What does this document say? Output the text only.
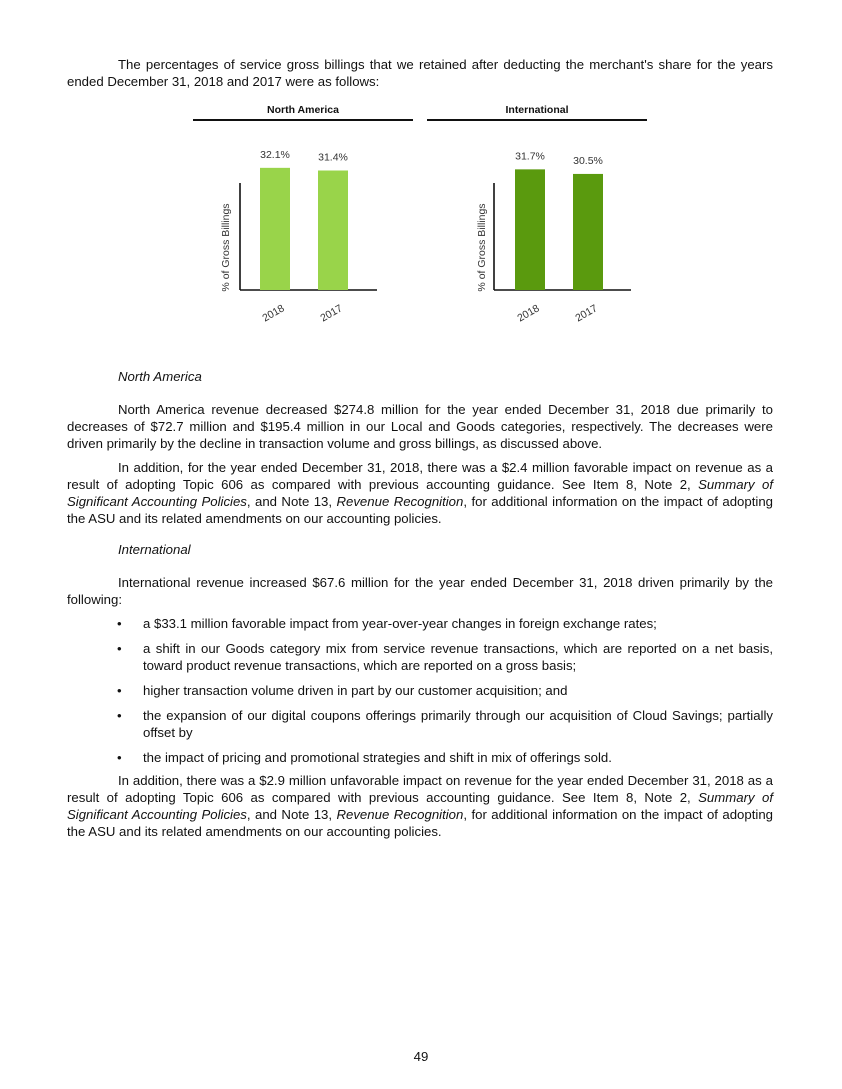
The percentages of service gross billings that we retained after deducting the merchant's share for the years ended December 31, 2018 and 2017 were as follows:

North America	International
% of Gross Billings
32.1%
2018
31.4%
2017
% of Gross Billings
31.7%
2018
30.5%
2017
North America

North America revenue decreased $274.8 million for the year ended December 31, 2018 due primarily to decreases of $72.7 million and $195.4 million in our Local and Goods categories, respectively. The decreases were driven primarily by the decline in transaction volume and gross billings, as discussed above.

In addition, for the year ended December 31, 2018, there was a $2.4 million favorable impact on revenue as a result of adopting Topic 606 as compared with previous accounting guidance. See Item 8, Note 2, Summary of Significant Accounting Policies, and Note 13, Revenue Recognition, for additional information on the impact of adopting the ASU and its related amendments on our accounting policies.

International

International revenue increased $67.6 million for the year ended December 31, 2018 driven primarily by the following:

• a $33.1 million favorable impact from year-over-year changes in foreign exchange rates;
• a shift in our Goods category mix from service revenue transactions, which are reported on a net basis, toward product revenue transactions, which are reported on a gross basis;
• higher transaction volume driven in part by our customer acquisition; and
• the expansion of our digital coupons offerings primarily through our acquisition of Cloud Savings; partially offset by
• the impact of pricing and promotional strategies and shift in mix of offerings sold.

In addition, there was a $2.9 million unfavorable impact on revenue for the year ended December 31, 2018 as a result of adopting Topic 606 as compared with previous accounting guidance. See Item 8, Note 2, Summary of Significant Accounting Policies, and Note 13, Revenue Recognition, for additional information on the impact of adopting the ASU and its related amendments on our accounting policies.

49
